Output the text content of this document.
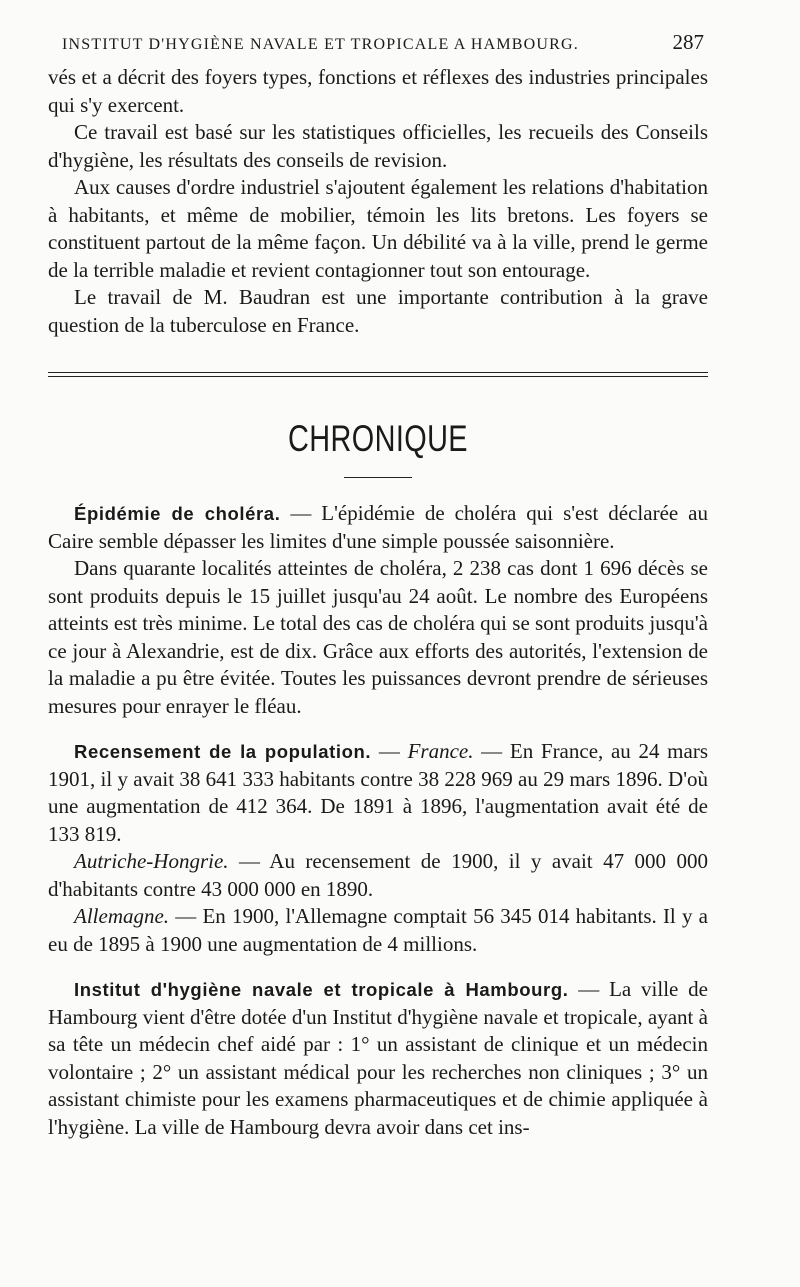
INSTITUT D'HYGIÈNE NAVALE ET TROPICALE A HAMBOURG.	287

vés et a décrit des foyers types, fonctions et réflexes des industries principales qui s'y exercent.

Ce travail est basé sur les statistiques officielles, les recueils des Conseils d'hygiène, les résultats des conseils de revision.

Aux causes d'ordre industriel s'ajoutent également les relations d'habitation à habitants, et même de mobilier, témoin les lits bretons. Les foyers se constituent partout de la même façon. Un débilité va à la ville, prend le germe de la terrible maladie et revient contagionner tout son entourage.

Le travail de M. Baudran est une importante contribution à la grave question de la tuberculose en France.

CHRONIQUE

Épidémie de choléra. — L'épidémie de choléra qui s'est déclarée au Caire semble dépasser les limites d'une simple poussée saisonnière.

Dans quarante localités atteintes de choléra, 2 238 cas dont 1 696 décès se sont produits depuis le 15 juillet jusqu'au 24 août. Le nombre des Européens atteints est très minime. Le total des cas de choléra qui se sont produits jusqu'à ce jour à Alexandrie, est de dix. Grâce aux efforts des autorités, l'extension de la maladie a pu être évitée. Toutes les puissances devront prendre de sérieuses mesures pour enrayer le fléau.

Recensement de la population. — France. — En France, au 24 mars 1901, il y avait 38 641 333 habitants contre 38 228 969 au 29 mars 1896. D'où une augmentation de 412 364. De 1891 à 1896, l'augmentation avait été de 133 819.

Autriche-Hongrie. — Au recensement de 1900, il y avait 47 000 000 d'habitants contre 43 000 000 en 1890.

Allemagne. — En 1900, l'Allemagne comptait 56 345 014 habitants. Il y a eu de 1895 à 1900 une augmentation de 4 millions.

Institut d'hygiène navale et tropicale à Hambourg. — La ville de Hambourg vient d'être dotée d'un Institut d'hygiène navale et tropicale, ayant à sa tête un médecin chef aidé par : 1° un assistant de clinique et un médecin volontaire ; 2° un assistant médical pour les recherches non cliniques ; 3° un assistant chimiste pour les examens pharmaceutiques et de chimie appliquée à l'hygiène. La ville de Hambourg devra avoir dans cet ins-
